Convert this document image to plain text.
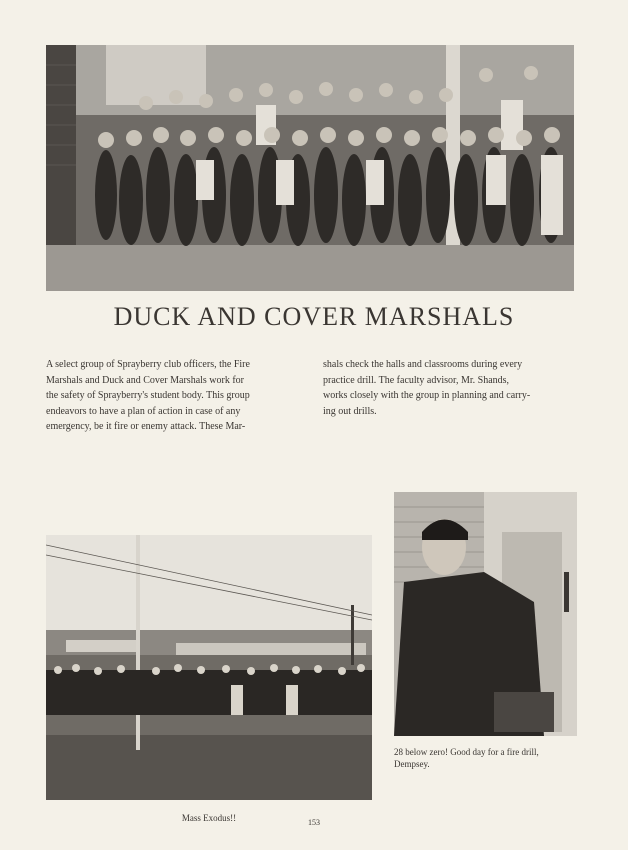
DUCK AND COVER MARSHALS
A select group of Sprayberry club officers, the Fire
Marshals and Duck and Cover Marshals work for
the safety of Sprayberry's student body. This group
endeavors to have a plan of action in case of any
emergency, be it fire or enemy attack. These Mar-
shals check the halls and classrooms during every
practice drill. The faculty advisor, Mr. Shands,
works closely with the group in planning and carry-
ing out drills.
28 below zero! Good day for a fire drill,
Dempsey.
Mass Exodus!!	153
